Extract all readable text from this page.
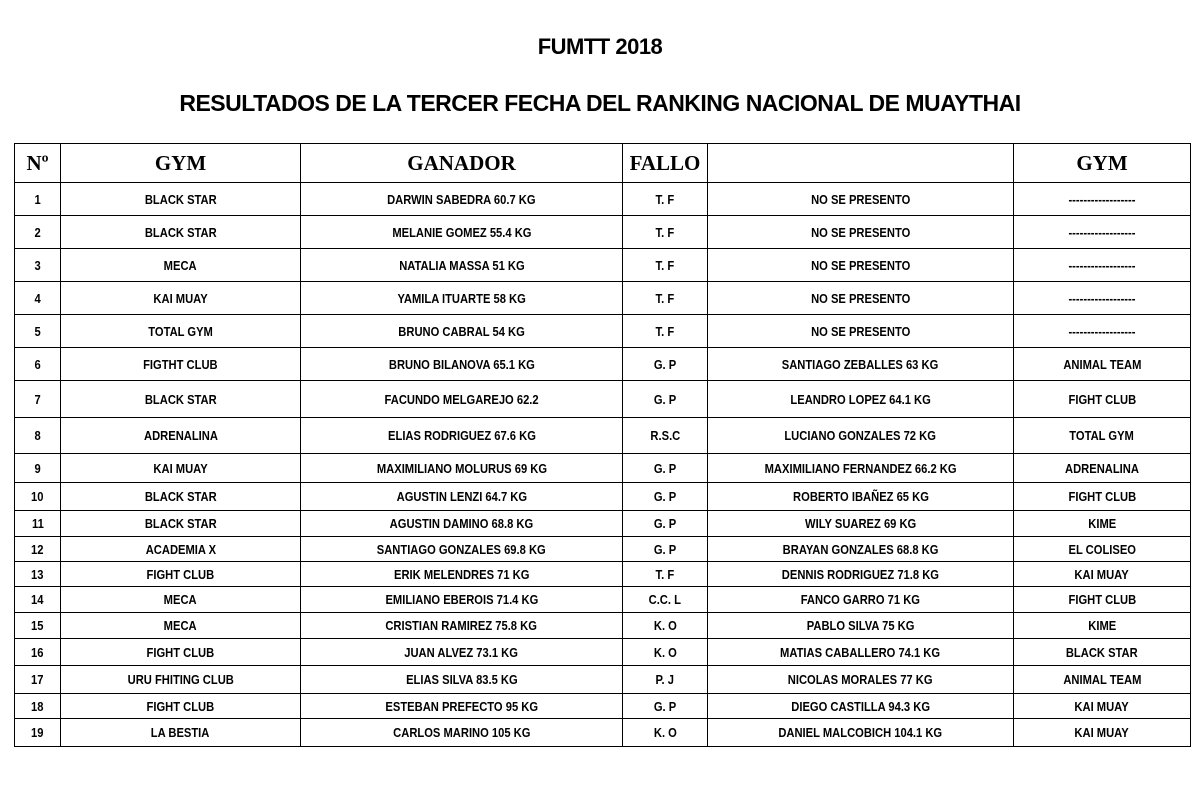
FUMTT 2018
RESULTADOS DE LA TERCER FECHA DEL RANKING NACIONAL DE MUAYTHAI
Nº	GYM	GANADOR	FALLO		GYM
1	BLACK STAR	DARWIN SABEDRA 60.7 KG	T. F	NO SE PRESENTO	------------------
2	BLACK STAR	MELANIE GOMEZ 55.4 KG	T. F	NO SE PRESENTO	------------------
3	MECA	NATALIA MASSA 51 KG	T. F	NO SE PRESENTO	------------------
4	KAI MUAY	YAMILA ITUARTE 58 KG	T. F	NO SE PRESENTO	------------------
5	TOTAL GYM	BRUNO CABRAL 54 KG	T. F	NO SE PRESENTO	------------------
6	FIGTHT CLUB	BRUNO BILANOVA 65.1 KG	G. P	SANTIAGO ZEBALLES 63 KG	ANIMAL TEAM
7	BLACK STAR	FACUNDO MELGAREJO 62.2	G. P	LEANDRO LOPEZ 64.1 KG	FIGHT CLUB
8	ADRENALINA	ELIAS RODRIGUEZ 67.6 KG	R.S.C	LUCIANO GONZALES 72 KG	TOTAL GYM
9	KAI MUAY	MAXIMILIANO MOLURUS 69 KG	G. P	MAXIMILIANO FERNANDEZ 66.2 KG	ADRENALINA
10	BLACK STAR	AGUSTIN LENZI 64.7 KG	G. P	ROBERTO IBAÑEZ 65 KG	FIGHT CLUB
11	BLACK STAR	AGUSTIN DAMINO 68.8 KG	G. P	WILY SUAREZ 69 KG	KIME
12	ACADEMIA X	SANTIAGO GONZALES 69.8 KG	G. P	BRAYAN GONZALES 68.8 KG	EL COLISEO
13	FIGHT CLUB	ERIK MELENDRES 71 KG	T. F	DENNIS RODRIGUEZ 71.8 KG	KAI MUAY
14	MECA	EMILIANO EBEROIS 71.4 KG	C.C. L	FANCO GARRO 71 KG	FIGHT CLUB
15	MECA	CRISTIAN RAMIREZ 75.8 KG	K. O	PABLO SILVA 75 KG	KIME
16	FIGHT CLUB	JUAN ALVEZ 73.1 KG	K. O	MATIAS CABALLERO 74.1 KG	BLACK STAR
17	URU FHITING CLUB	ELIAS SILVA 83.5 KG	P. J	NICOLAS MORALES 77 KG	ANIMAL TEAM
18	FIGHT CLUB	ESTEBAN PREFECTO 95 KG	G. P	DIEGO CASTILLA 94.3 KG	KAI MUAY
19	LA BESTIA	CARLOS MARINO 105 KG	K. O	DANIEL MALCOBICH 104.1 KG	KAI MUAY
